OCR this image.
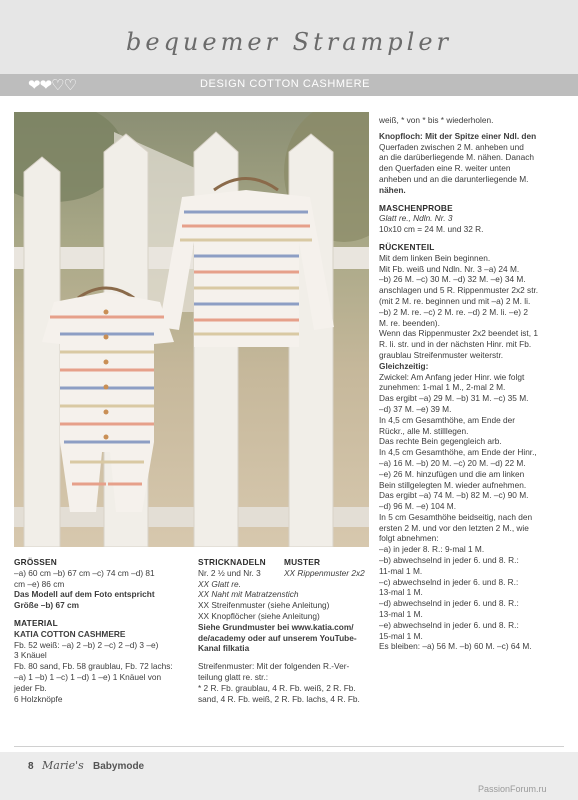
bequemer Strampler
❤❤♡♡	DESIGN COTTON CASHMERE

GRÖSSEN

–a) 60 cm –b) 67 cm –c) 74 cm –d) 81

cm –e) 86 cm

Das Modell auf dem Foto entspricht

Größe –b) 67 cm

MATERIAL

KATIA COTTON CASHMERE

Fb. 52 weiß: –a) 2 –b) 2 –c) 2 –d) 3 –e)

3 Knäuel

Fb. 80 sand, Fb. 58 graublau, Fb. 72 lachs:

–a) 1 –b) 1 –c) 1 –d) 1 –e) 1 Knäuel von

jeder Fb.

6 Holzknöpfe

STRICKNADELN	MUSTER

Nr. 2 ½ und Nr. 3	XX Rippenmuster 2x2

XX Glatt re.

XX Naht mit Matratzenstich

XX Streifenmuster (siehe Anleitung)

XX Knopflöcher (siehe Anleitung)

Siehe Grundmuster bei www.katia.com/

de/academy oder auf unserem YouTube-

Kanal filkatia

Streifenmuster: Mit der folgenden R.-Ver-

teilung glatt re. str.:

* 2 R. Fb. graublau, 4 R. Fb. weiß, 2 R. Fb.

sand, 4 R. Fb. weiß, 2 R. Fb. lachs, 4 R. Fb.

weiß, * von * bis * wiederholen.

Knopfloch: Mit der Spitze einer Ndl. den

Querfaden zwischen 2 M. anheben und

an die darüberliegende M. nähen. Danach

den Querfaden eine R. weiter unten

anheben und an die darunterliegende M.

nähen.

MASCHENPROBE

Glatt re., Ndln. Nr. 3

10x10 cm = 24 M. und 32 R.

RÜCKENTEIL

Mit dem linken Bein beginnen.

Mit Fb. weiß und Ndln. Nr. 3 –a) 24 M.

–b) 26 M. –c) 30 M. –d) 32 M. –e) 34 M.

anschlagen und 5 R. Rippenmuster 2x2 str.

(mit 2 M. re. beginnen und mit –a) 2 M. li.

–b) 2 M. re. –c) 2 M. re. –d) 2 M. li. –e) 2

M. re. beenden).

Wenn das Rippenmuster 2x2 beendet ist, 1

R. li. str. und in der nächsten Hinr. mit Fb.

graublau Streifenmuster weiterstr.

Gleichzeitig:

Zwickel: Am Anfang jeder Hinr. wie folgt

zunehmen: 1-mal 1 M., 2-mal 2 M.

Das ergibt –a) 29 M. –b) 31 M. –c) 35 M.

–d) 37 M. –e) 39 M.

In 4,5 cm Gesamthöhe, am Ende der

Rückr., alle M. stilllegen.

Das rechte Bein gegengleich arb.

In 4,5 cm Gesamthöhe, am Ende der Hinr.,

–a) 16 M. –b) 20 M. –c) 20 M. –d) 22 M.

–e) 26 M. hinzufügen und die am linken

Bein stillgelegten M. wieder aufnehmen.

Das ergibt –a) 74 M. –b) 82 M. –c) 90 M.

–d) 96 M. –e) 104 M.

In 5 cm Gesamthöhe beidseitig, nach den

ersten 2 M. und vor den letzten 2 M., wie

folgt abnehmen:

–a) in jeder 8. R.: 9-mal 1 M.

–b) abwechselnd in jeder 6. und 8. R.:

11-mal 1 M.

–c) abwechselnd in jeder 6. und 8. R.:

13-mal 1 M.

–d) abwechselnd in jeder 6. und 8. R.:

13-mal 1 M.

–e) abwechselnd in jeder 6. und 8. R.:

15-mal 1 M.

Es bleiben: –a) 56 M. –b) 60 M. –c) 64 M.

8 Marie's Babymode
PassionForum.ru
